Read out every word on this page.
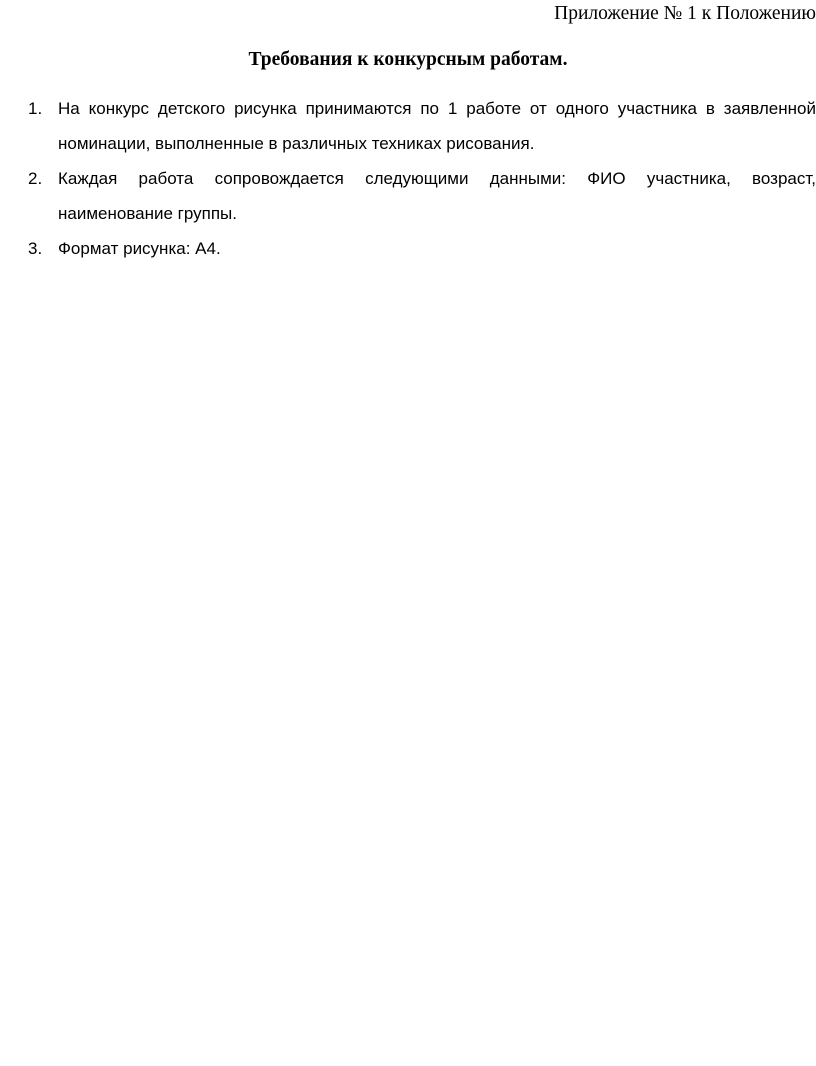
Приложение № 1 к Положению
Требования к конкурсным работам.
1. На конкурс детского рисунка принимаются по 1 работе от одного участника в заявленной номинации, выполненные в различных техниках рисования.
2. Каждая работа сопровождается следующими данными: ФИО участника, возраст, наименование группы.
3. Формат рисунка: А4.
